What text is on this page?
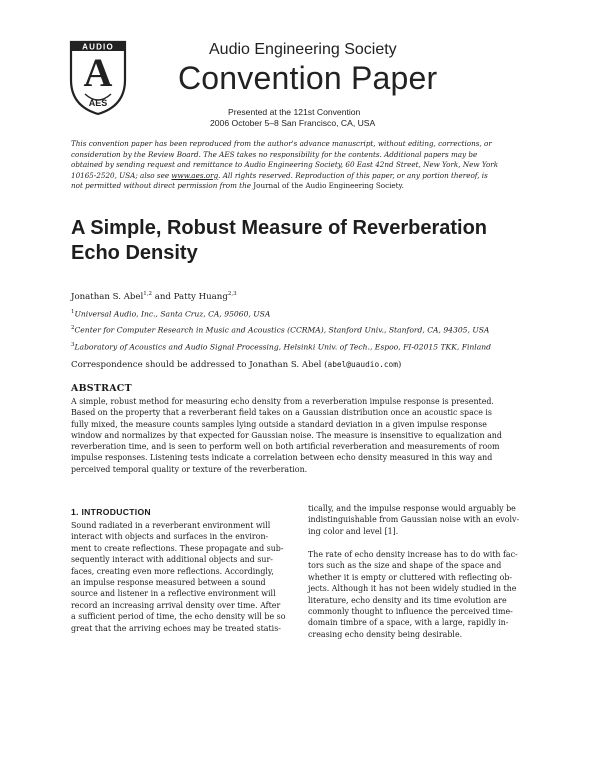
AUDIO
A
AES
Audio Engineering Society
Convention Paper
Presented at the 121st Convention
2006 October 5–8 San Francisco, CA, USA
This convention paper has been reproduced from the author's advance manuscript, without editing, corrections, or
consideration by the Review Board. The AES takes no responsibility for the contents. Additional papers may be
obtained by sending request and remittance to Audio Engineering Society, 60 East 42nd Street, New York, New York
10165-2520, USA; also see www.aes.org. All rights reserved. Reproduction of this paper, or any portion thereof, is
not permitted without direct permission from the Journal of the Audio Engineering Society.
A Simple, Robust Measure of Reverberation
Echo Density
Jonathan S. Abel$^{1,2}$ and Patty Huang$^{2,3}$
$^1$Universal Audio, Inc., Santa Cruz, CA, 95060, USA
$^2$Center for Computer Research in Music and Acoustics (CCRMA), Stanford Univ., Stanford, CA, 94305, USA
$^3$Laboratory of Acoustics and Audio Signal Processing, Helsinki Univ. of Tech., Espoo, FI-02015 TKK, Finland
Correspondence should be addressed to Jonathan S. Abel (abel@uaudio.com)
ABSTRACT
A simple, robust method for measuring echo density from a reverberation impulse response is presented.
Based on the property that a reverberant field takes on a Gaussian distribution once an acoustic space is
fully mixed, the measure counts samples lying outside a standard deviation in a given impulse response
window and normalizes by that expected for Gaussian noise. The measure is insensitive to equalization and
reverberation time, and is seen to perform well on both artificial reverberation and measurements of room
impulse responses. Listening tests indicate a correlation between echo density measured in this way and
perceived temporal quality or texture of the reverberation.
1. INTRODUCTION
Sound radiated in a reverberant environment will
interact with objects and surfaces in the environ-
ment to create reflections. These propagate and sub-
sequently interact with additional objects and sur-
faces, creating even more reflections. Accordingly,
an impulse response measured between a sound
source and listener in a reflective environment will
record an increasing arrival density over time. After
a sufficient period of time, the echo density will be so
great that the arriving echoes may be treated statis-
tically, and the impulse response would arguably be
indistinguishable from Gaussian noise with an evolv-
ing color and level [1].
The rate of echo density increase has to do with fac-
tors such as the size and shape of the space and
whether it is empty or cluttered with reflecting ob-
jects. Although it has not been widely studied in the
literature, echo density and its time evolution are
commonly thought to influence the perceived time-
domain timbre of a space, with a large, rapidly in-
creasing echo density being desirable.
